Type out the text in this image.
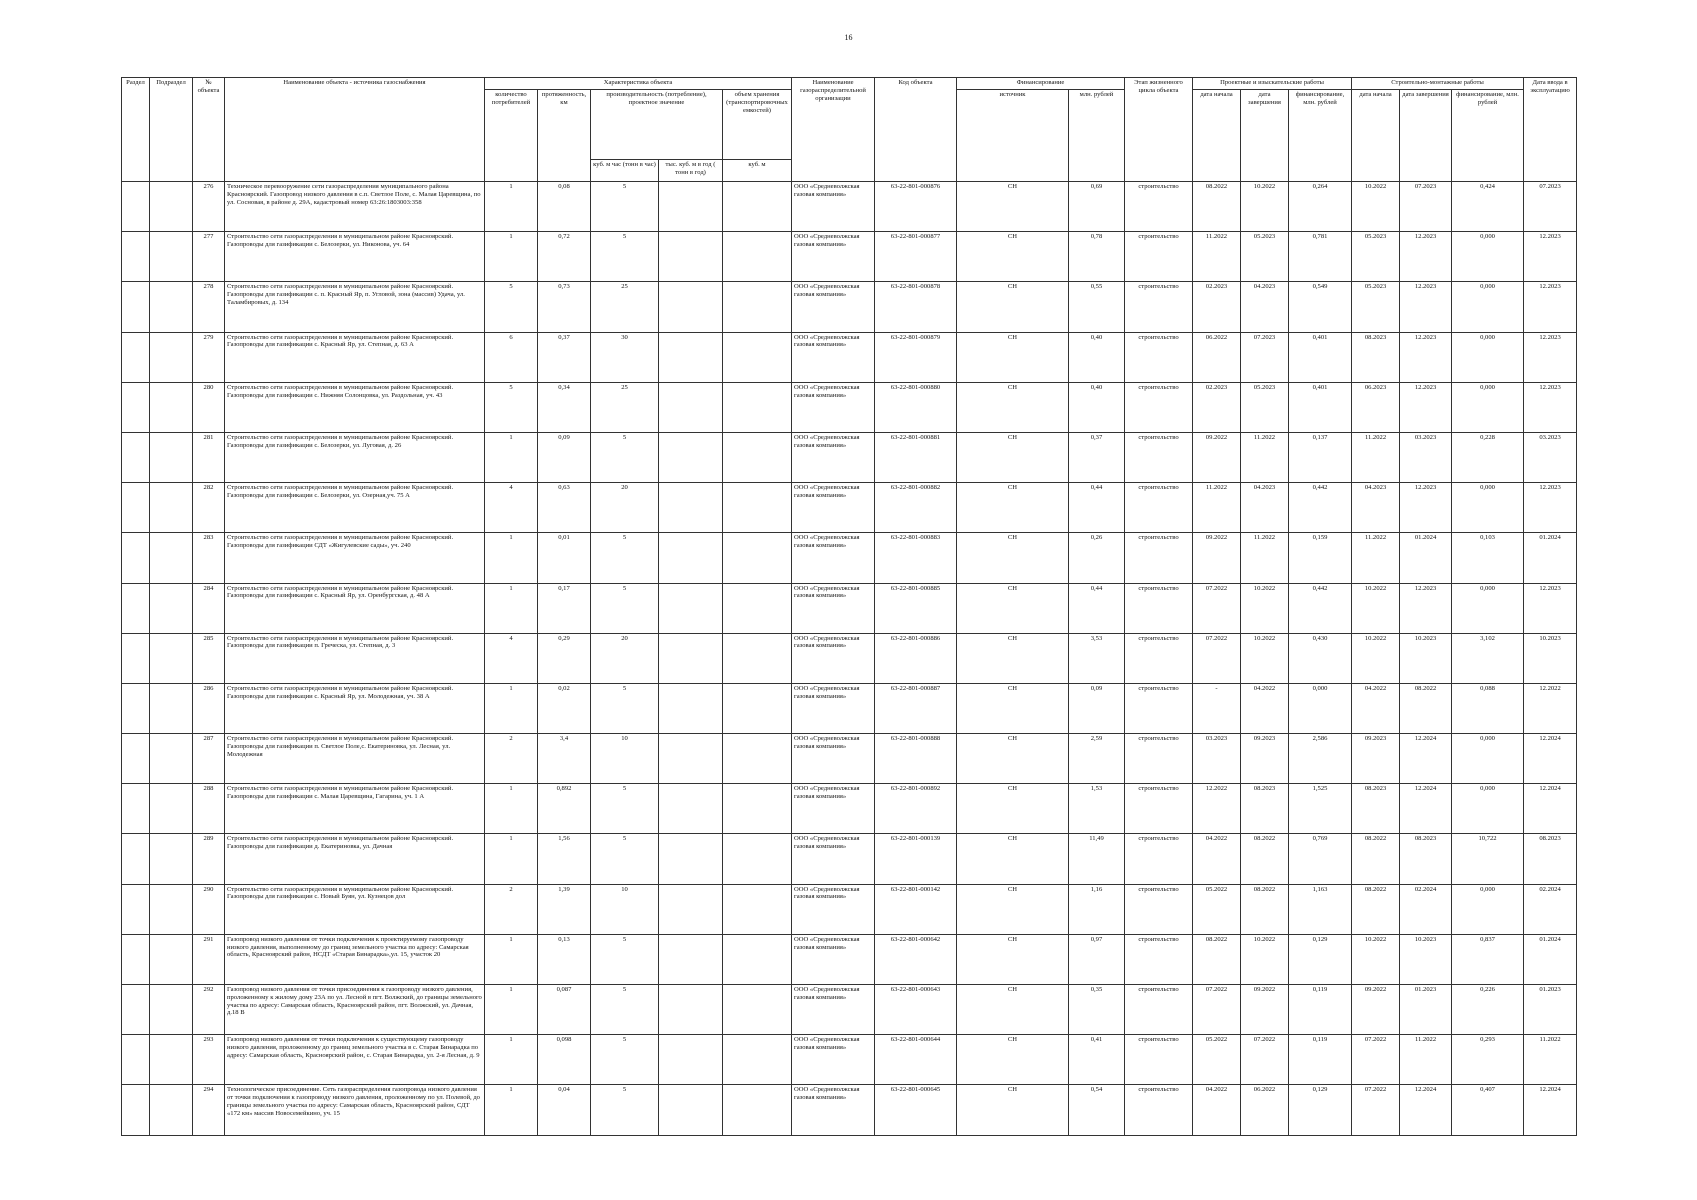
16
Раздел	Подраздел	№ объекта	Наименование объекта - источника газоснабжения	Характеристика объекта					Наименование газораспределительной организации	Код объекта	Финансирование		Этап жизненного цикла объекта	Проектные и изыскательские работы			Строительно-монтажные работы			Дата ввода в эксплуатацию
				количество потребителей	протяженность, км	производительность (потребление), проектное значение		объем хранения (транспортировочных емкостей)			источник	млн. рублей		дата начала	дата завершения	финансирование, млн. рублей	дата начала	дата завершения	финансирование, млн. рублей	
						куб. м час (тонн в час)	тыс. куб. м в год ( тонн в год)	куб. м												
		276	Техническое перевооружение сети газораспределения муниципального района Красноярский. Газопровод низкого давления в с.п. Светлое Поле, с. Малая Царевщина, по ул. Сосновая, в районе д. 29А, кадастровый номер 63:26:1803003:358	1	0,08	5			ООО «Средневолжская газовая компания»	63-22-801-000876	СН	0,69	строительство	08.2022	10.2022	0,264	10.2022	07.2023	0,424	07.2023
		277	Строительство сети газораспределения в муниципальном районе Красноярский. Газопроводы для газификации с. Белозерки, ул. Никонова, уч. 64	1	0,72	5			ООО «Средневолжская газовая компания»	63-22-801-000877	СН	0,78	строительство	11.2022	05.2023	0,781	05.2023	12.2023	0,000	12.2023
		278	Строительство сети газораспределения в муниципальном районе Красноярский. Газопроводы для газификации с. п. Красный Яр, п. Угловой, зона (массив) Удача, ул. Таламбировых, д. 134	5	0,73	25			ООО «Средневолжская газовая компания»	63-22-801-000878	СН	0,55	строительство	02.2023	04.2023	0,549	05.2023	12.2023	0,000	12.2023
		279	Строительство сети газораспределения в муниципальном районе Красноярский. Газопроводы для газификации с. Красный Яр, ул. Степная, д. 63 А	6	0,37	30			ООО «Средневолжская газовая компания»	63-22-801-000879	СН	0,40	строительство	06.2022	07.2023	0,401	08.2023	12.2023	0,000	12.2023
		280	Строительство сети газораспределения в муниципальном районе Красноярский. Газопроводы для газификации с. Нижняя Солонцовка, ул. Раздольная, уч. 43	5	0,34	25			ООО «Средневолжская газовая компания»	63-22-801-000880	СН	0,40	строительство	02.2023	05.2023	0,401	06.2023	12.2023	0,000	12.2023
		281	Строительство сети газораспределения в муниципальном районе Красноярский. Газопроводы для газификации с. Белозерки, ул. Луговая, д. 26	1	0,09	5			ООО «Средневолжская газовая компания»	63-22-801-000881	СН	0,37	строительство	09.2022	11.2022	0,137	11.2022	03.2023	0,228	03.2023
		282	Строительство сети газораспределения в муниципальном районе Красноярский. Газопроводы для газификации с. Белозерки, ул. Озерная,уч. 75 А	4	0,63	20			ООО «Средневолжская газовая компания»	63-22-801-000882	СН	0,44	строительство	11.2022	04.2023	0,442	04.2023	12.2023	0,000	12.2023
		283	Строительство сети газораспределения в муниципальном районе Красноярский. Газопроводы для газификации СДТ «Жигулевские сады», уч. 240	1	0,01	5			ООО «Средневолжская газовая компания»	63-22-801-000883	СН	0,26	строительство	09.2022	11.2022	0,159	11.2022	01.2024	0,103	01.2024
		284	Строительство сети газораспределения в муниципальном районе Красноярский. Газопроводы для газификации с. Красный Яр, ул. Оренбургская, д. 48 А	1	0,17	5			ООО «Средневолжская газовая компания»	63-22-801-000885	СН	0,44	строительство	07.2022	10.2022	0,442	10.2022	12.2023	0,000	12.2023
		285	Строительство сети газораспределения в муниципальном районе Красноярский. Газопроводы для газификации п. Греческа, ул. Степная, д. 3	4	0,29	20			ООО «Средневолжская газовая компания»	63-22-801-000886	СН	3,53	строительство	07.2022	10.2022	0,430	10.2022	10.2023	3,102	10.2023
		286	Строительство сети газораспределения в муниципальном районе Красноярский. Газопроводы для газификации с. Красный Яр, ул. Молодежная, уч. 38 А	1	0,02	5			ООО «Средневолжская газовая компания»	63-22-801-000887	СН	0,09	строительство	-	04.2022	0,000	04.2022	08.2022	0,088	12.2022
		287	Строительство сети газораспределения в муниципальном районе Красноярский. Газопроводы для газификации п. Светлое Поле,с. Екатериновка, ул. Лесная, ул. Молодежная	2	3,4	10			ООО «Средневолжская газовая компания»	63-22-801-000888	СН	2,59	строительство	03.2023	09.2023	2,586	09.2023	12.2024	0,000	12.2024
		288	Строительство сети газораспределения в муниципальном районе Красноярский. Газопроводы для газификации с. Малая Царевщина, Гагарина, уч. 1 А	1	0,892	5			ООО «Средневолжская газовая компания»	63-22-801-000892	СН	1,53	строительство	12.2022	08.2023	1,525	08.2023	12.2024	0,000	12.2024
		289	Строительство сети газораспределения в муниципальном районе Красноярский. Газопроводы для газификации д. Екатериновка, ул. Дачная	1	1,56	5			ООО «Средневолжская газовая компания»	63-22-801-000139	СН	11,49	строительство	04.2022	08.2022	0,769	08.2022	08.2023	10,722	08.2023
		290	Строительство сети газораспределения в муниципальном районе Красноярский. Газопроводы для газификации с. Новый Буян, ул. Кузнецов дол	2	1,39	10			ООО «Средневолжская газовая компания»	63-22-801-000142	СН	1,16	строительство	05.2022	08.2022	1,163	08.2022	02.2024	0,000	02.2024
		291	Газопровод низкого давления от точки подключения к проектируемому газопроводу низкого давления, выполненному до границ земельного участка по адресу: Самарская область, Красноярский район, НСДТ «Старая Бинарадка»,ул. 15, участок 20	1	0,13	5			ООО «Средневолжская газовая компания»	63-22-801-000642	СН	0,97	строительство	08.2022	10.2022	0,129	10.2022	10.2023	0,837	01.2024
		292	Газопровод низкого давления от точки присоединения к газопроводу низкого давления, проложенному к жилому дому 23А по ул. Лесной в пгт. Волжский, до границы земельного участка по адресу: Самарская область, Красноярский район, пгт. Волжский, ул. Дачная, д.18 В	1	0,087	5			ООО «Средневолжская газовая компания»	63-22-801-000643	СН	0,35	строительство	07.2022	09.2022	0,119	09.2022	01.2023	0,226	01.2023
		293	Газопровод низкого давления от точки подключения к существующему газопроводу низкого давления, проложенному до границ земельного участка в с. Старая Бинарадка по адресу: Самарская область, Красноярский район, с. Старая Бинарадка, ул. 2-я Лесная, д. 9	1	0,098	5			ООО «Средневолжская газовая компания»	63-22-801-000644	СН	0,41	строительство	05.2022	07.2022	0,119	07.2022	11.2022	0,293	11.2022
		294	Технологическое присоединение. Сеть газораспределения газопровода низкого давления от точки подключения к газопроводу низкого давления, проложенному по ул. Полевой, до границы земельного участка по адресу: Самарская область, Красноярский район, СДТ «172 км» массив Новосемейкино, уч. 15	1	0,04	5			ООО «Средневолжская газовая компания»	63-22-801-000645	СН	0,54	строительство	04.2022	06.2022	0,129	07.2022	12.2024	0,407	12.2024
